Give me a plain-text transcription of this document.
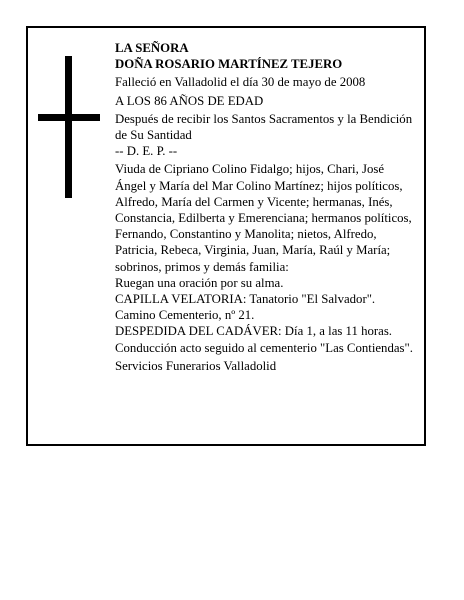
LA SEÑORA

DOÑA ROSARIO MARTÍNEZ TEJERO

Falleció en Valladolid el día 30 de mayo de 2008

A LOS 86 AÑOS DE EDAD

Después de recibir los Santos Sacramentos y la Bendición de Su Santidad

-- D. E. P. --

Viuda de Cipriano Colino Fidalgo; hijos, Chari, José Ángel y María del Mar Colino Martínez; hijos políticos, Alfredo, María del Carmen y Vicente; hermanas, Inés, Constancia, Edilberta y Emerenciana; hermanos políticos, Fernando, Constantino y Manolita; nietos, Alfredo, Patricia, Rebeca, Virginia, Juan, María, Raúl y María; sobrinos, primos y demás familia:

Ruegan una oración por su alma.

CAPILLA VELATORIA: Tanatorio "El Salvador". Camino Cementerio, nº 21.

DESPEDIDA DEL CADÁVER: Día 1, a las 11 horas. Conducción acto seguido al cementerio "Las Contiendas".

Servicios Funerarios Valladolid
